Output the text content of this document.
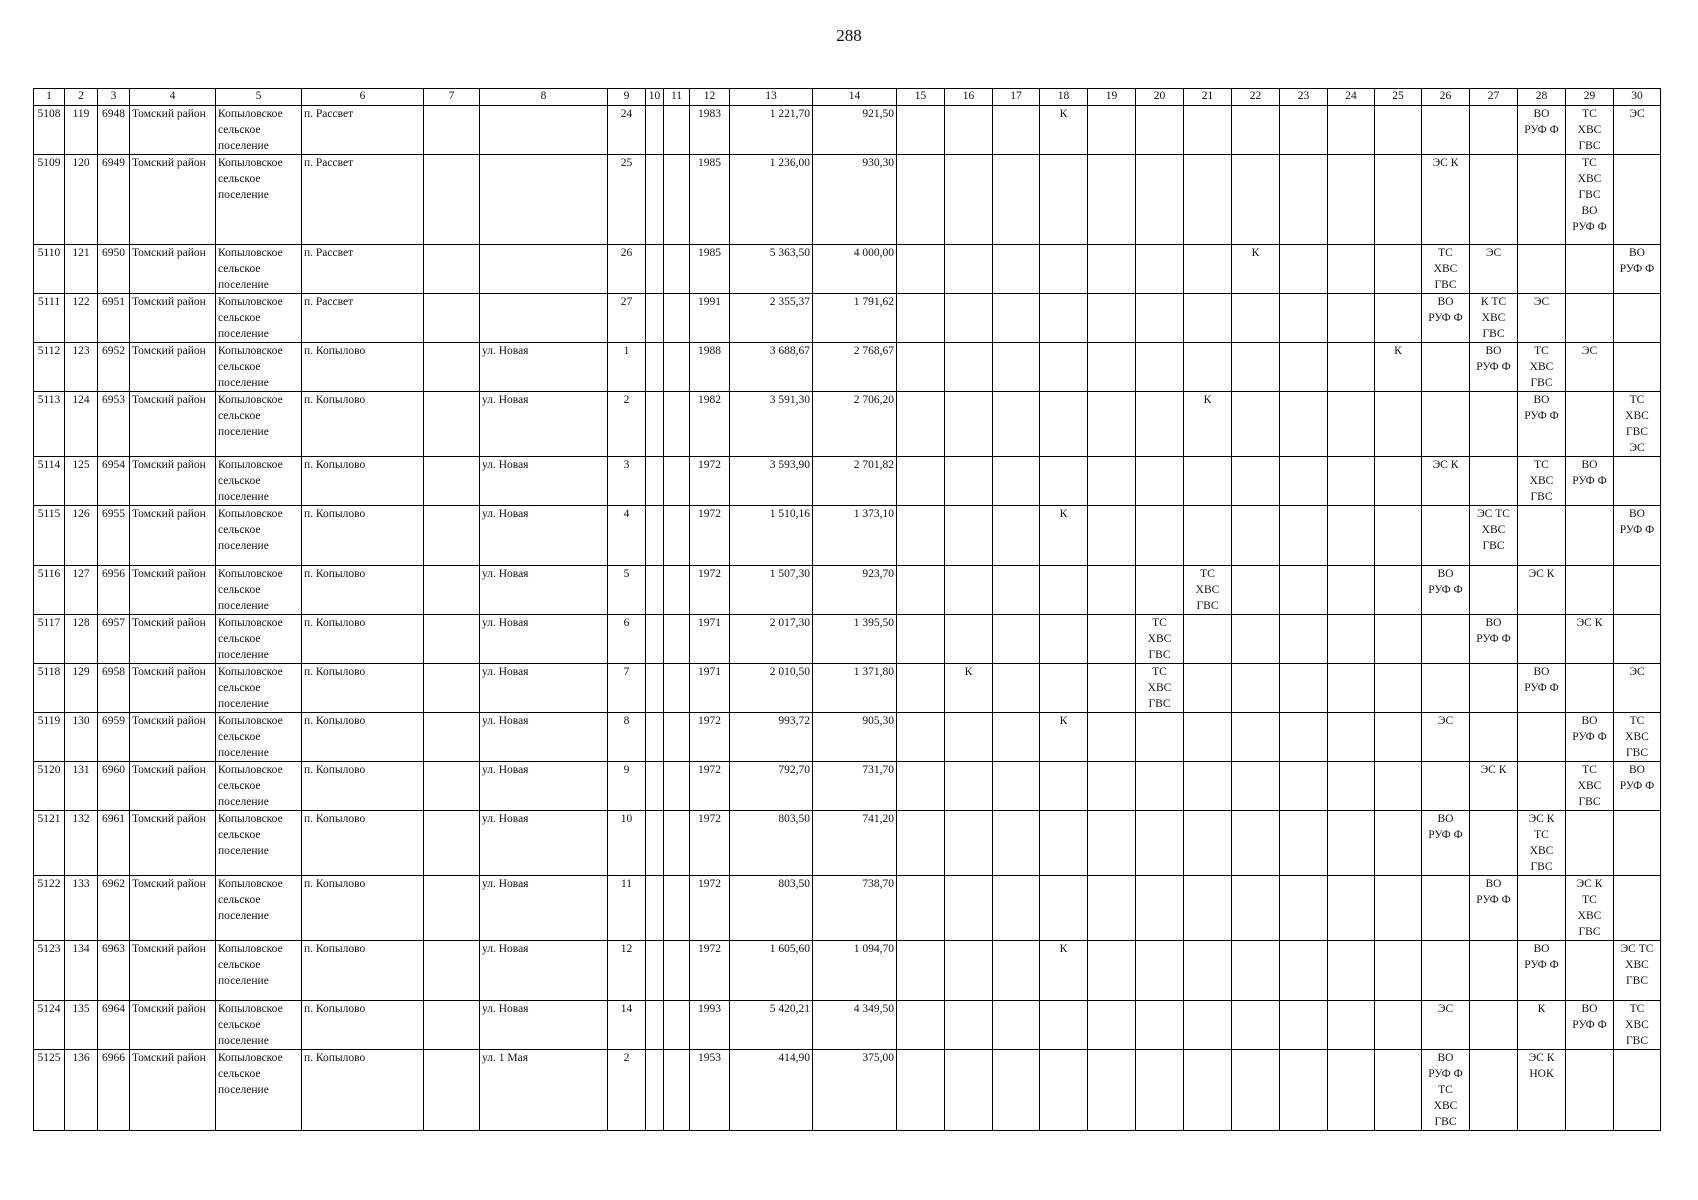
288
1	2	3	4	5	6	7	8	9	10	11	12	13	14	15	16	17	18	19	20	21	22	23	24	25	26	27	28	29	30
5108	119	6948	Томский район	Копыловское сельское поселение	п. Рассвет			24			1983	1 221,70	921,50				К										ВО
РУФ Ф	ТС
ХВС
ГВС	ЭС

5109	120	6949	Томский район	Копыловское сельское поселение	п. Рассвет			25			1985	1 236,00	930,30												ЭС К			ТС
ХВС
ГВС
ВО
РУФ Ф	

5110	121	6950	Томский район	Копыловское сельское поселение	п. Рассвет			26			1985	5 363,50	4 000,00								К				ТС
ХВС
ГВС	ЭС			ВО
РУФ Ф

5111	122	6951	Томский район	Копыловское сельское поселение	п. Рассвет			27			1991	2 355,37	1 791,62												ВО
РУФ Ф	К ТС
ХВС
ГВС	ЭС		

5112	123	6952	Томский район	Копыловское сельское поселение	п. Копылово		ул. Новая	1			1988	3 688,67	2 768,67											К		ВО
РУФ Ф	ТС
ХВС
ГВС	ЭС	

5113	124	6953	Томский район	Копыловское сельское поселение	п. Копылово		ул. Новая	2			1982	3 591,30	2 706,20							К							ВО
РУФ Ф		ТС
ХВС
ГВС
ЭС

5114	125	6954	Томский район	Копыловское сельское поселение	п. Копылово		ул. Новая	3			1972	3 593,90	2 701,82												ЭС К		ТС
ХВС
ГВС	ВО
РУФ Ф	

5115	126	6955	Томский район	Копыловское сельское поселение	п. Копылово		ул. Новая	4			1972	1 510,16	1 373,10				К									ЭС ТС
ХВС
ГВС			ВО
РУФ Ф

5116	127	6956	Томский район	Копыловское сельское поселение	п. Копылово		ул. Новая	5			1972	1 507,30	923,70							ТС
ХВС
ГВС					ВО
РУФ Ф		ЭС К		

5117	128	6957	Томский район	Копыловское сельское поселение	п. Копылово		ул. Новая	6			1971	2 017,30	1 395,50						ТС
ХВС
ГВС							ВО
РУФ Ф		ЭС К	

5118	129	6958	Томский район	Копыловское сельское поселение	п. Копылово		ул. Новая	7			1971	2 010,50	1 371,80		К				ТС
ХВС
ГВС								ВО
РУФ Ф		ЭС

5119	130	6959	Томский район	Копыловское сельское поселение	п. Копылово		ул. Новая	8			1972	993,72	905,30				К								ЭС			ВО
РУФ Ф	ТС
ХВС
ГВС

5120	131	6960	Томский район	Копыловское сельское поселение	п. Копылово		ул. Новая	9			1972	792,70	731,70													ЭС К		ТС
ХВС
ГВС	ВО
РУФ Ф

5121	132	6961	Томский район	Копыловское сельское поселение	п. Копылово		ул. Новая	10			1972	803,50	741,20												ВО
РУФ Ф		ЭС К
ТС
ХВС
ГВС		

5122	133	6962	Томский район	Копыловское сельское поселение	п. Копылово		ул. Новая	11			1972	803,50	738,70													ВО
РУФ Ф		ЭС К
ТС
ХВС
ГВС	

5123	134	6963	Томский район	Копыловское сельское поселение	п. Копылово		ул. Новая	12			1972	1 605,60	1 094,70				К										ВО
РУФ Ф		ЭС ТС
ХВС
ГВС

5124	135	6964	Томский район	Копыловское сельское поселение	п. Копылово		ул. Новая	14			1993	5 420,21	4 349,50												ЭС		К	ВО
РУФ Ф	ТС
ХВС
ГВС

5125	136	6966	Томский район	Копыловское сельское поселение	п. Копылово		ул. 1 Мая	2			1953	414,90	375,00												ВО
РУФ Ф
ТС
ХВС
ГВС		ЭС К
НОК		
